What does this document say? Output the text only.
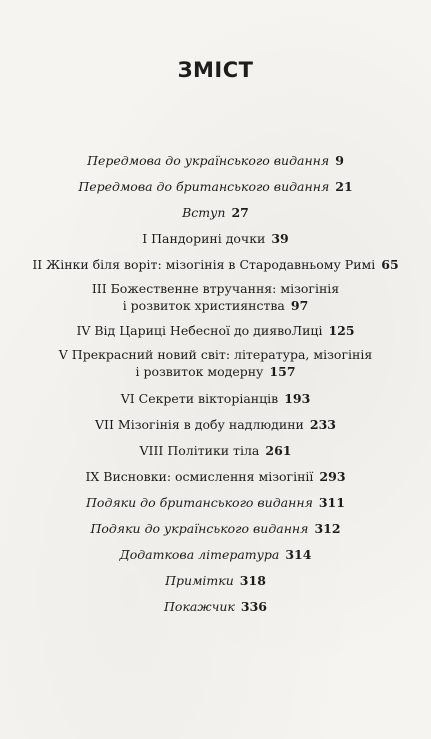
ЗМІСТ
Передмова до українського видання 9
Передмова до британського видання 21
Вступ 27
I Пандорині дочки 39
II Жінки біля воріт: мізогінія в Стародавньому Римі 65
III Божественне втручання: мізогінія
і розвиток християнства 97
IV Від Цариці Небесної до диявоЛиці 125
V Прекрасний новий світ: література, мізогінія
і розвиток модерну 157
VI Секрети вікторіанців 193
VII Мізогінія в добу надлюдини 233
VIII Політики тіла 261
IX Висновки: осмислення мізогінії 293
Подяки до британського видання 311
Подяки до українського видання 312
Додаткова література 314
Примітки 318
Покажчик 336
